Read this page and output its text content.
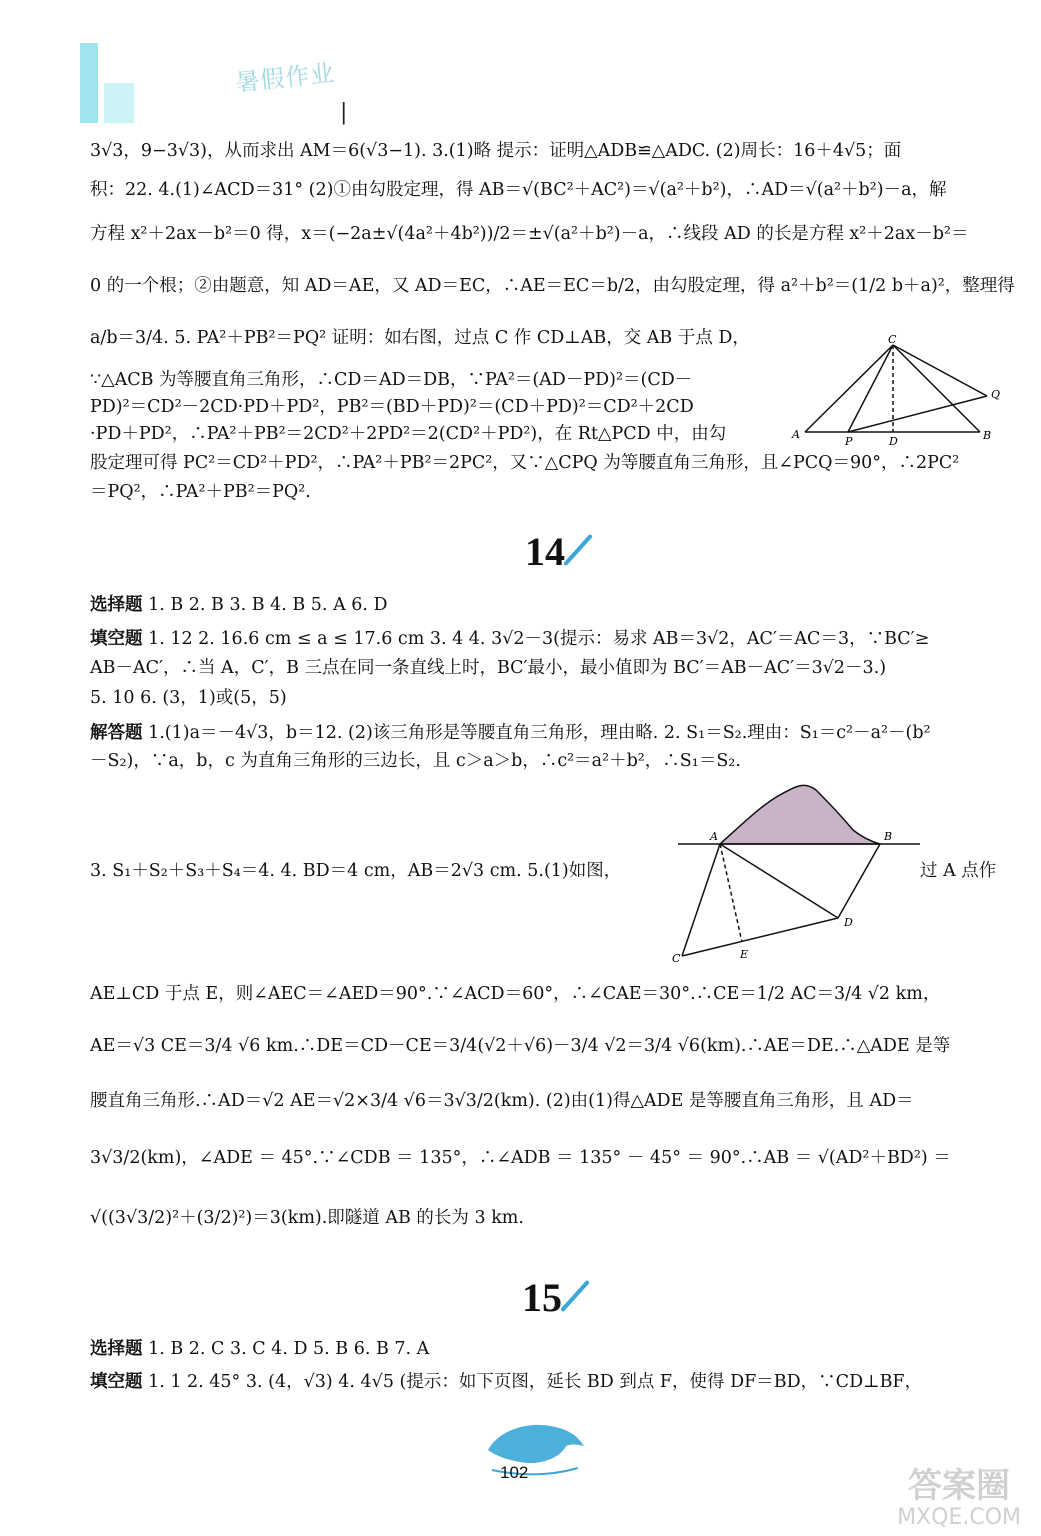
暑假作业
|
3√3，9−3√3)，从而求出 AM＝6(√3−1). 3.(1)略 提示：证明△ADB≌△ADC. (2)周长：16＋4√5；面
积：22. 4.(1)∠ACD＝31° (2)①由勾股定理，得 AB＝√(BC²＋AC²)＝√(a²＋b²)，∴AD＝√(a²＋b²)－a，解
方程 x²＋2ax－b²＝0 得，x＝(−2a±√(4a²＋4b²))/2＝±√(a²＋b²)－a，∴线段 AD 的长是方程 x²＋2ax－b²＝
0 的一个根；②由题意，知 AD＝AE，又 AD＝EC，∴AE＝EC＝b/2，由勾股定理，得 a²＋b²＝(1/2 b＋a)²，整理得
a/b＝3/4. 5. PA²＋PB²＝PQ² 证明：如右图，过点 C 作 CD⊥AB，交 AB 于点 D，
∵△ACB 为等腰直角三角形，∴CD＝AD＝DB，∵PA²＝(AD－PD)²＝(CD－
PD)²＝CD²－2CD·PD＋PD²，PB²＝(BD＋PD)²＝(CD＋PD)²＝CD²＋2CD
·PD＋PD²，∴PA²＋PB²＝2CD²＋2PD²＝2(CD²＋PD²)，在 Rt△PCD 中，由勾
股定理可得 PC²＝CD²＋PD²，∴PA²＋PB²＝2PC²，又∵△CPQ 为等腰直角三角形，且∠PCQ＝90°，∴2PC²
＝PQ²，∴PA²＋PB²＝PQ².
C
Q
A
P	D	B
14
选择题 1. B 2. B 3. B 4. B 5. A 6. D
填空题 1. 12 2. 16.6 cm ≤ a ≤ 17.6 cm 3. 4 4. 3√2－3(提示：易求 AB＝3√2，AC′＝AC＝3，∵BC′≥
AB－AC′，∴当 A，C′，B 三点在同一条直线上时，BC′最小，最小值即为 BC′＝AB－AC′＝3√2－3.)
5. 10 6. (3，1)或(5，5)
解答题 1.(1)a＝－4√3，b＝12. (2)该三角形是等腰直角三角形，理由略. 2. S₁＝S₂.理由：S₁＝c²－a²－(b²
－S₂)，∵a，b，c 为直角三角形的三边长，且 c＞a＞b，∴c²＝a²＋b²，∴S₁＝S₂.
A	B
C
D
E
3. S₁＋S₂＋S₃＋S₄＝4. 4. BD＝4 cm，AB＝2√3 cm. 5.(1)如图，	过 A 点作
AE⊥CD 于点 E，则∠AEC＝∠AED＝90°.∵∠ACD＝60°，∴∠CAE＝30°.∴CE＝1/2 AC＝3/4 √2 km，
AE＝√3 CE＝3/4 √6 km.∴DE＝CD－CE＝3/4(√2＋√6)－3/4 √2＝3/4 √6(km).∴AE＝DE.∴△ADE 是等
腰直角三角形.∴AD＝√2 AE＝√2×3/4 √6＝3√3/2(km). (2)由(1)得△ADE 是等腰直角三角形，且 AD＝
3√3/2(km)，∠ADE ＝ 45°.∵∠CDB ＝ 135°，∴∠ADB ＝ 135° － 45° ＝ 90°.∴AB ＝ √(AD²＋BD²) ＝
√((3√3/2)²＋(3/2)²)＝3(km).即隧道 AB 的长为 3 km.
15
选择题 1. B 2. C 3. C 4. D 5. B 6. B 7. A
填空题 1. 1 2. 45° 3. (4，√3) 4. 4√5 (提示：如下页图，延长 BD 到点 F，使得 DF＝BD，∵CD⊥BF，
102	答案圈
MXQE.COM
